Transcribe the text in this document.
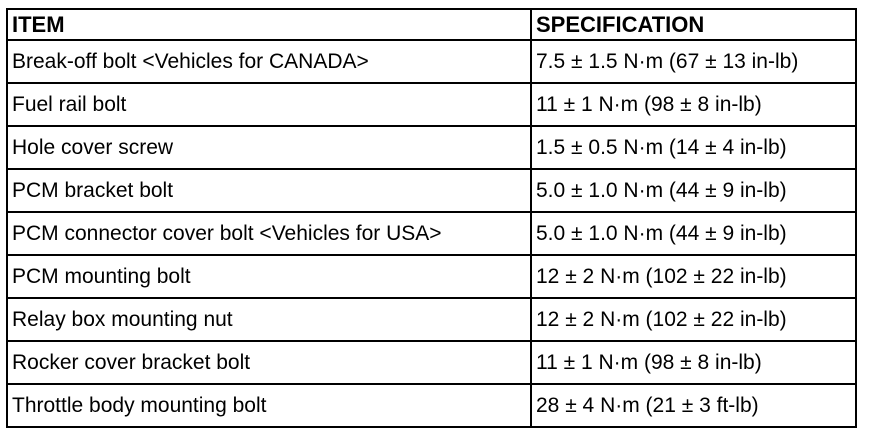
ITEM	SPECIFICATION
Break-off bolt <Vehicles for CANADA>	7.5 ± 1.5 N·m (67 ± 13 in-lb)
Fuel rail bolt	11 ± 1 N·m (98 ± 8 in-lb)
Hole cover screw	1.5 ± 0.5 N·m (14 ± 4 in-lb)
PCM bracket bolt	5.0 ± 1.0 N·m (44 ± 9 in-lb)
PCM connector cover bolt <Vehicles for USA>	5.0 ± 1.0 N·m (44 ± 9 in-lb)
PCM mounting bolt	12 ± 2 N·m (102 ± 22 in-lb)
Relay box mounting nut	12 ± 2 N·m (102 ± 22 in-lb)
Rocker cover bracket bolt	11 ± 1 N·m (98 ± 8 in-lb)
Throttle body mounting bolt	28 ± 4 N·m (21 ± 3 ft-lb)
